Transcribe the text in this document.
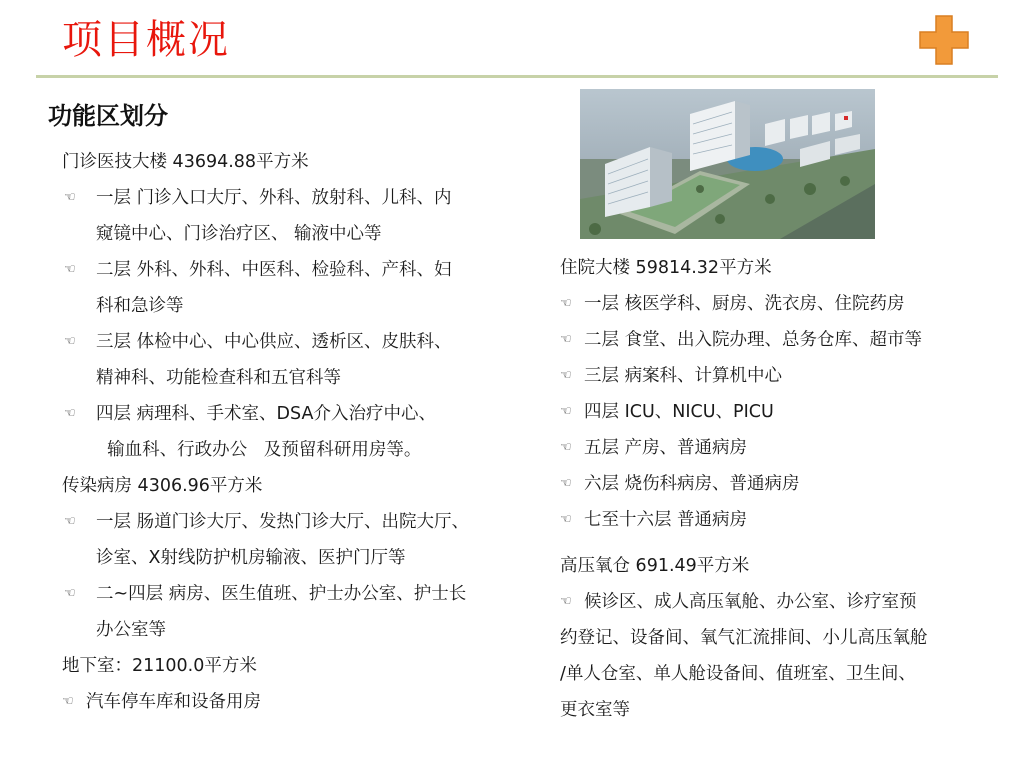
项目概况
功能区划分
门诊医技大楼 43694.88平方米
☜	一层 门诊入口大厅、外科、放射科、儿科、内
窥镜中心、门诊治疗区、 输液中心等
☜	二层 外科、外科、中医科、检验科、产科、妇
科和急诊等
☜	三层 体检中心、中心供应、透析区、皮肤科、
精神科、功能检查科和五官科等
☜	四层 病理科、手术室、DSA介入治疗中心、
输血科、行政办公   及预留科研用房等。
传染病房 4306.96平方米
☜	一层 肠道门诊大厅、发热门诊大厅、出院大厅、
诊室、X射线防护机房输液、医护门厅等
☜	二~四层 病房、医生值班、护士办公室、护士长
办公室等
地下室：21100.0平方米
☜ 汽车停车库和设备用房
住院大楼 59814.32平方米
☜ 一层 核医学科、厨房、洗衣房、住院药房
☜ 二层 食堂、出入院办理、总务仓库、超市等
☜ 三层 病案科、计算机中心
☜ 四层 ICU、NICU、PICU
☜ 五层 产房、普通病房
☜ 六层 烧伤科病房、普通病房
☜ 七至十六层 普通病房
高压氧仓 691.49平方米
☜ 候诊区、成人高压氧舱、办公室、诊疗室预
约登记、设备间、氧气汇流排间、小儿高压氧舱
/单人仓室、单人舱设备间、值班室、卫生间、
更衣室等
